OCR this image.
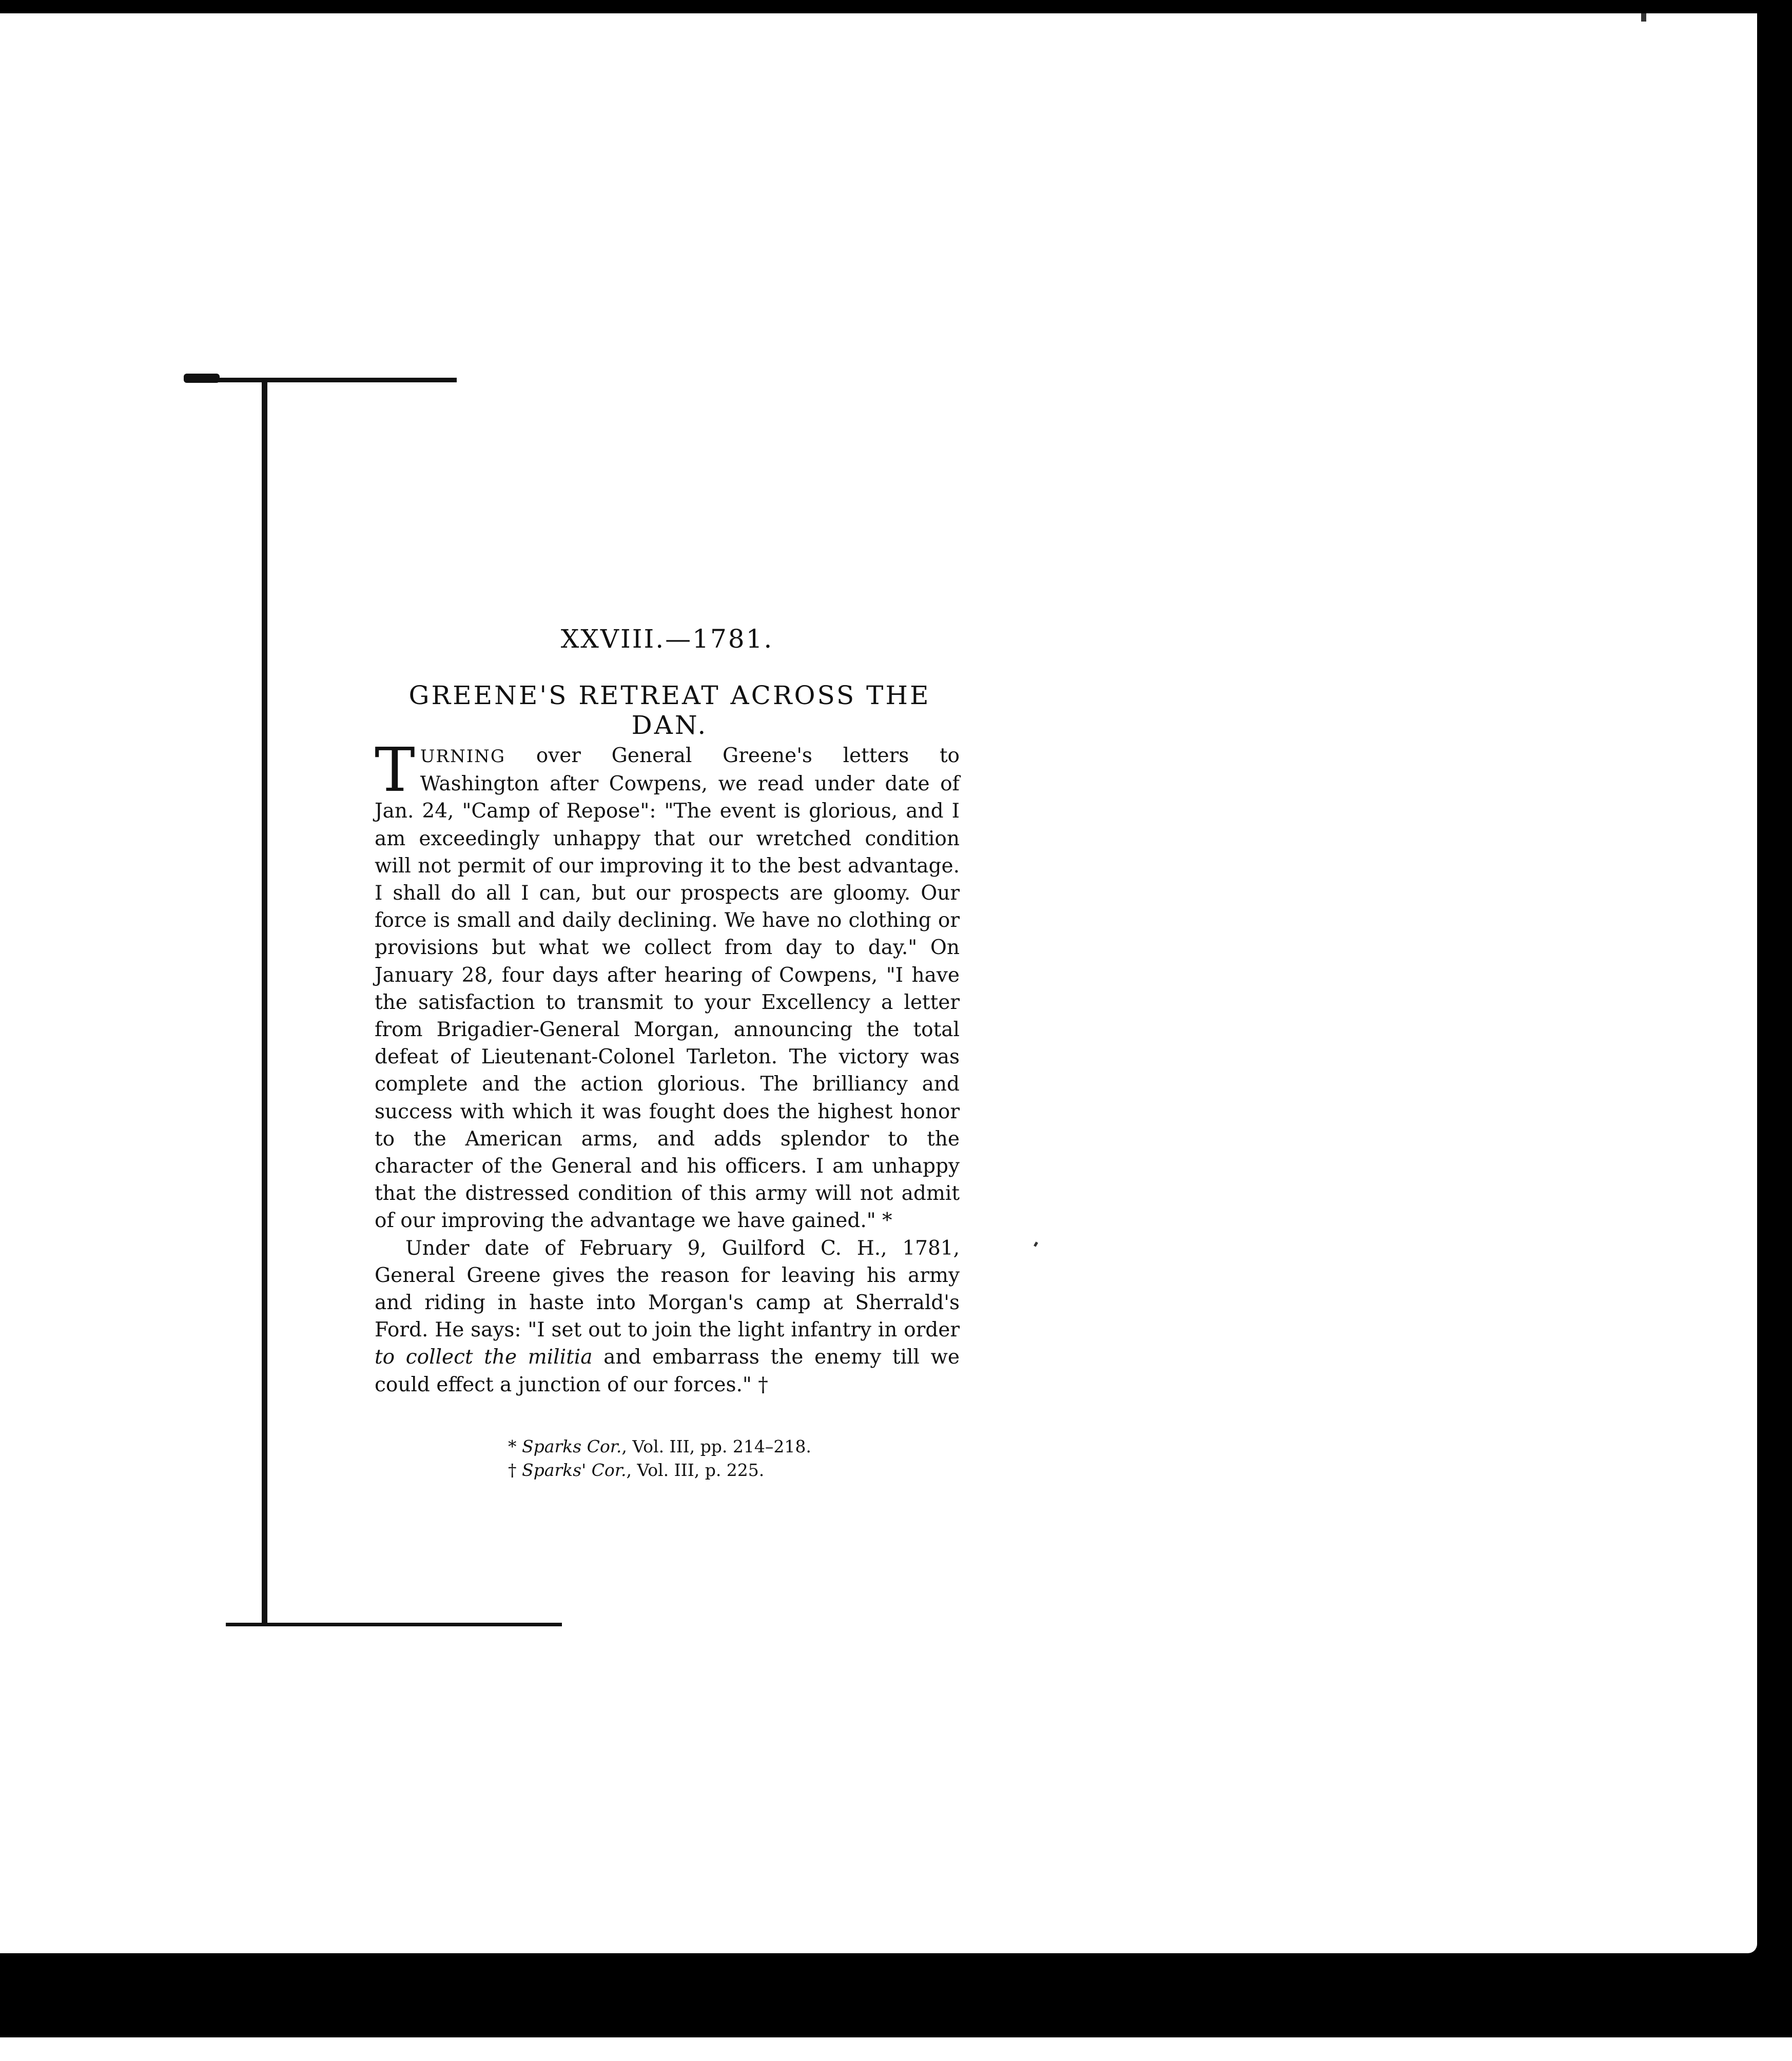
XXVIII.—1781.
GREENE'S RETREAT ACROSS THE DAN.

TURNING over General Greene's letters to Washington after Cowpens, we read under date of Jan. 24, "Camp of Repose": "The event is glorious, and I am exceedingly unhappy that our wretched condition will not permit of our improving it to the best advantage. I shall do all I can, but our prospects are gloomy. Our force is small and daily declining. We have no clothing or provisions but what we collect from day to day." On January 28, four days after hearing of Cowpens, "I have the satisfaction to transmit to your Excellency a letter from Brigadier-General Morgan, announcing the total defeat of Lieutenant-Colonel Tarleton. The victory was complete and the action glorious. The brilliancy and success with which it was fought does the highest honor to the American arms, and adds splendor to the character of the General and his officers. I am unhappy that the distressed condition of this army will not admit of our improving the advantage we have gained." *

Under date of February 9, Guilford C. H., 1781, General Greene gives the reason for leaving his army and riding in haste into Morgan's camp at Sherrald's Ford. He says: "I set out to join the light infantry in order to collect the militia and embarrass the enemy till we could effect a junction of our forces." †

* Sparks Cor., Vol. III, pp. 214–218.
† Sparks' Cor., Vol. III, p. 225.
